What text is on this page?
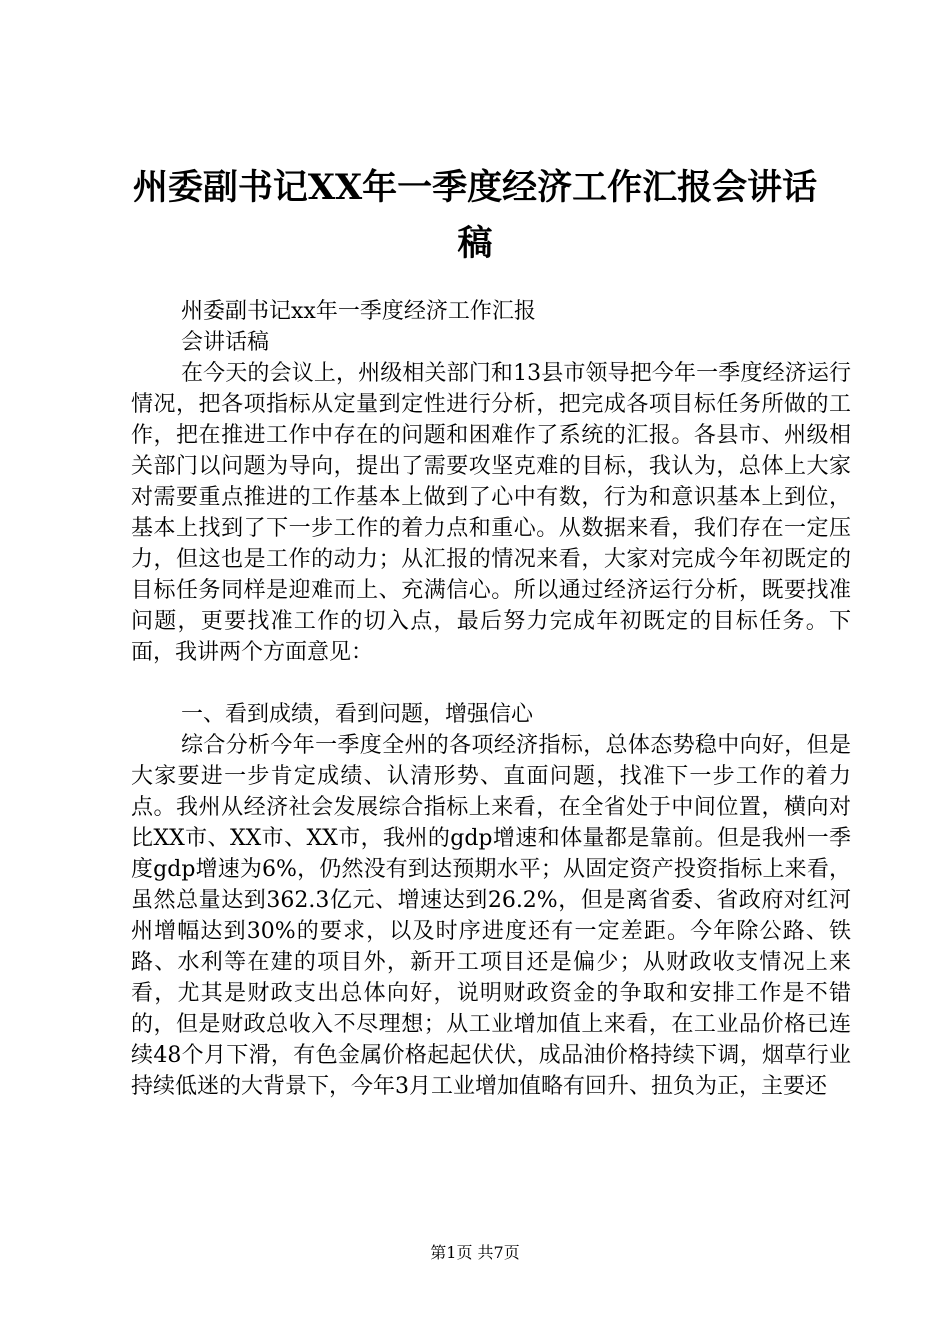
州委副书记XX年一季度经济工作汇报会讲话稿

州委副书记xx年一季度经济工作汇报

会讲话稿

在今天的会议上，州级相关部门和13县市领导把今年一季度经济运行情况，把各项指标从定量到定性进行分析，把完成各项目标任务所做的工作，把在推进工作中存在的问题和困难作了系统的汇报。各县市、州级相关部门以问题为导向，提出了需要攻坚克难的目标，我认为，总体上大家对需要重点推进的工作基本上做到了心中有数，行为和意识基本上到位，基本上找到了下一步工作的着力点和重心。从数据来看，我们存在一定压力，但这也是工作的动力；从汇报的情况来看，大家对完成今年初既定的目标任务同样是迎难而上、充满信心。所以通过经济运行分析，既要找准问题，更要找准工作的切入点，最后努力完成年初既定的目标任务。下面，我讲两个方面意见：

一、看到成绩，看到问题，增强信心

综合分析今年一季度全州的各项经济指标，总体态势稳中向好，但是大家要进一步肯定成绩、认清形势、直面问题，找准下一步工作的着力点。我州从经济社会发展综合指标上来看，在全省处于中间位置，横向对比XX市、XX市、XX市，我州的gdp增速和体量都是靠前。但是我州一季度gdp增速为6%，仍然没有到达预期水平；从固定资产投资指标上来看，虽然总量达到362.3亿元、增速达到26.2%，但是离省委、省政府对红河州增幅达到30%的要求，以及时序进度还有一定差距。今年除公路、铁路、水利等在建的项目外，新开工项目还是偏少；从财政收支情况上来看，尤其是财政支出总体向好，说明财政资金的争取和安排工作是不错的，但是财政总收入不尽理想；从工业增加值上来看，在工业品价格已连续48个月下滑，有色金属价格起起伏伏，成品油价格持续下调，烟草行业持续低迷的大背景下，今年3月工业增加值略有回升、扭负为正，主要还

第1页 共7页
